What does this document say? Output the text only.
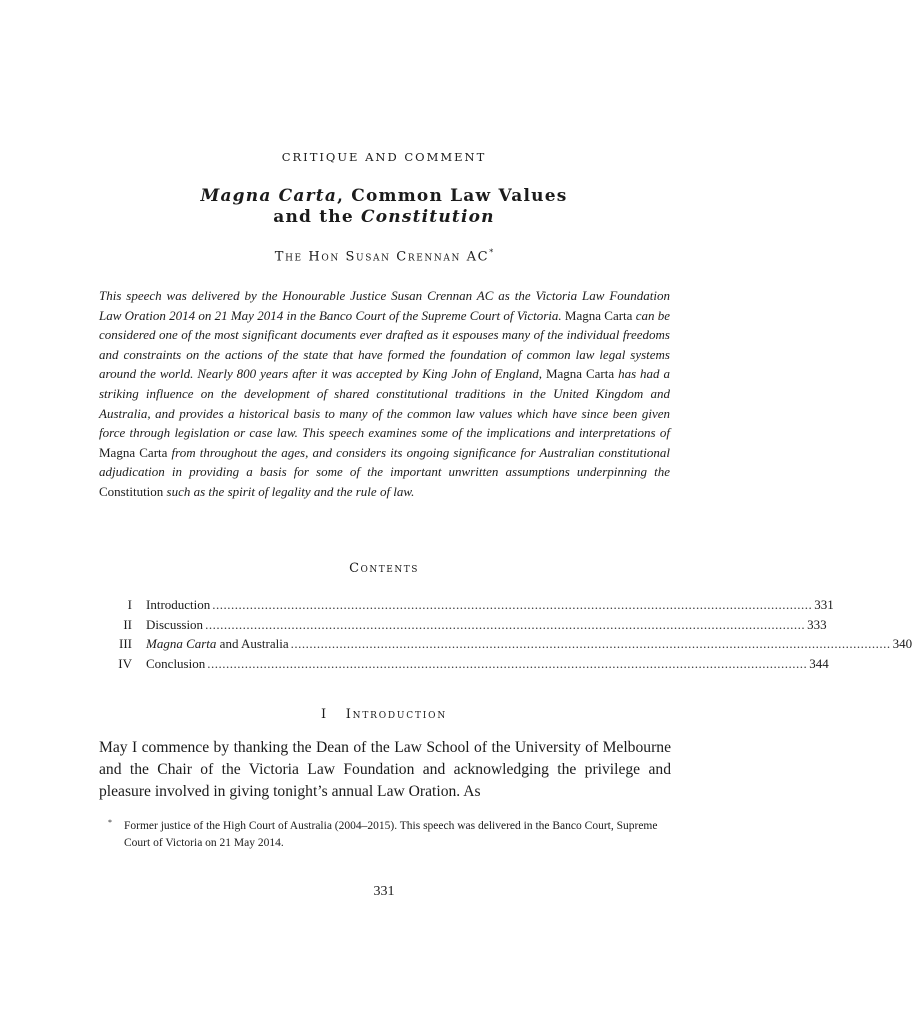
CRITIQUE AND COMMENT
Magna Carta, Common Law Values
and the Constitution
The Hon Susan Crennan AC*
This speech was delivered by the Honourable Justice Susan Crennan AC as the Victoria Law Foundation Law Oration 2014 on 21 May 2014 in the Banco Court of the Supreme Court of Victoria. Magna Carta can be considered one of the most significant documents ever drafted as it espouses many of the individual freedoms and constraints on the actions of the state that have formed the foundation of common law legal systems around the world. Nearly 800 years after it was accepted by King John of England, Magna Carta has had a striking influence on the development of shared constitutional traditions in the United Kingdom and Australia, and provides a historical basis to many of the common law values which have since been given force through legislation or case law. This speech examines some of the implications and interpretations of Magna Carta from throughout the ages, and considers its ongoing significance for Australian constitutional adjudication in providing a basis for some of the important unwritten assumptions underpinning the Constitution such as the spirit of legality and the rule of law.
Contents
I	Introduction ................................................................................................................................................................ 331
II	Discussion ................................................................................................................................................................ 333
III	Magna Carta and Australia ................................................................................................................................................................ 340
IV	Conclusion ................................................................................................................................................................ 344
I   Introduction
May I commence by thanking the Dean of the Law School of the University of Melbourne and the Chair of the Victoria Law Foundation and acknowledging the privilege and pleasure involved in giving tonight’s annual Law Oration. As
*	Former justice of the High Court of Australia (2004–2015). This speech was delivered in the Banco Court, Supreme Court of Victoria on 21 May 2014.
331
